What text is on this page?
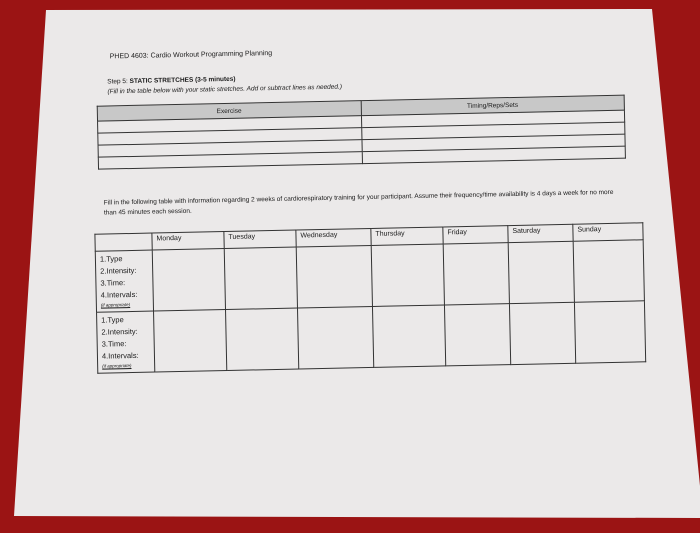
PHED 4603: Cardio Workout Programming Planning
Step 5: STATIC STRETCHES (3-5 minutes)
(Fill in the table below with your static stretches. Add or subtract lines as needed.)
Exercise	Timing/Reps/Sets

Fill in the following table with information regarding 2 weeks of cardiorespiratory training for your participant. Assume their frequency/time availability is 4 days a week for no more than 45 minutes each session.
	Monday	Tuesday	Wednesday	Thursday	Friday	Saturday	Sunday

1.Type
2.Intensity:
3.Time:
4.Intervals:
(if appropriate)							

1.Type
2.Intensity:
3.Time:
4.Intervals:
(if appropriate)							
